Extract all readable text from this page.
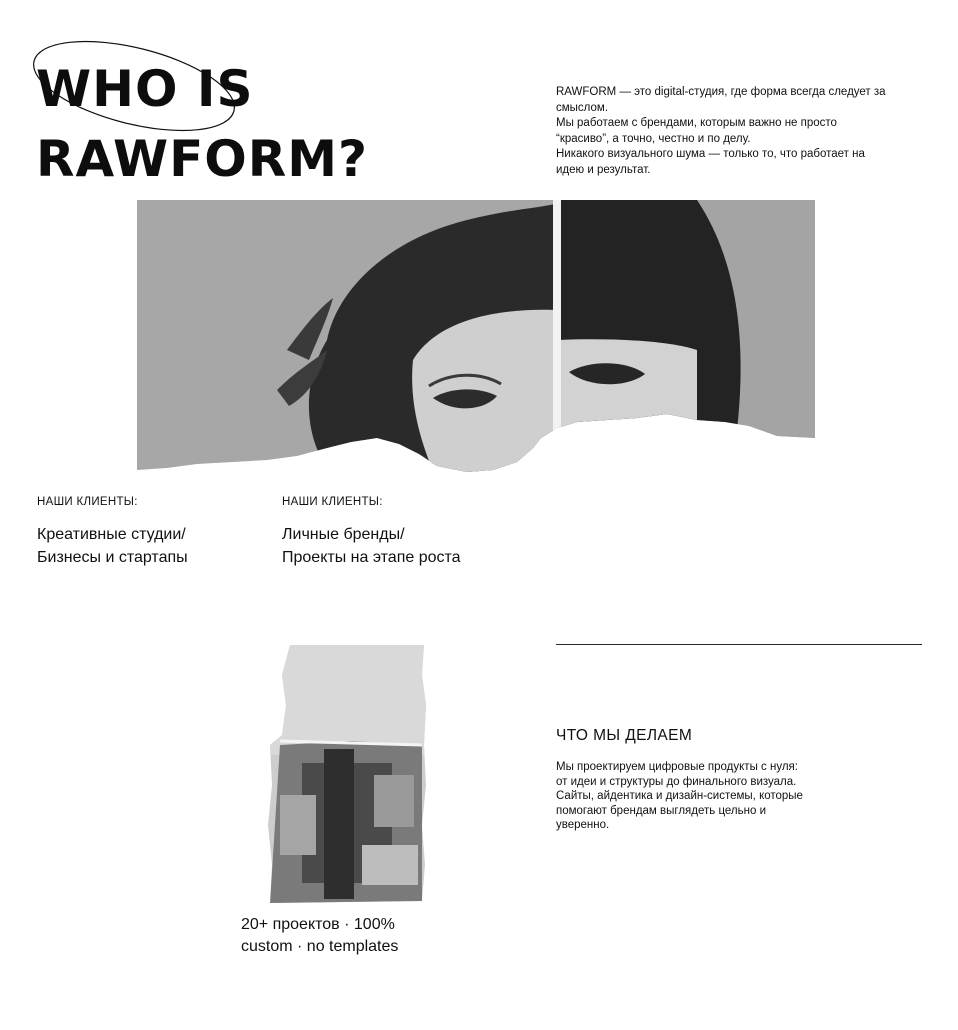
WHO IS
RAWFORM?

RAWFORM — это digital-студия, где форма всегда следует за смыслом.

Мы работаем с брендами, которым важно не просто “красиво”, а точно, честно и по делу.

Никакого визуального шума — только то, что работает на идею и результат.

НАШИ КЛИЕНТЫ:
Креативные студии/
Бизнесы и стартапы
НАШИ КЛИЕНТЫ:
Личные бренды/
Проекты на этапе роста
ЧТО МЫ ДЕЛАЕМ
Мы проектируем цифровые продукты с нуля:
от идеи и структуры до финального визуала.
Сайты, айдентика и дизайн-системы, которые
помогают брендам выглядеть цельно и
уверенно.
20+ проектов · 100%
custom · no templates
